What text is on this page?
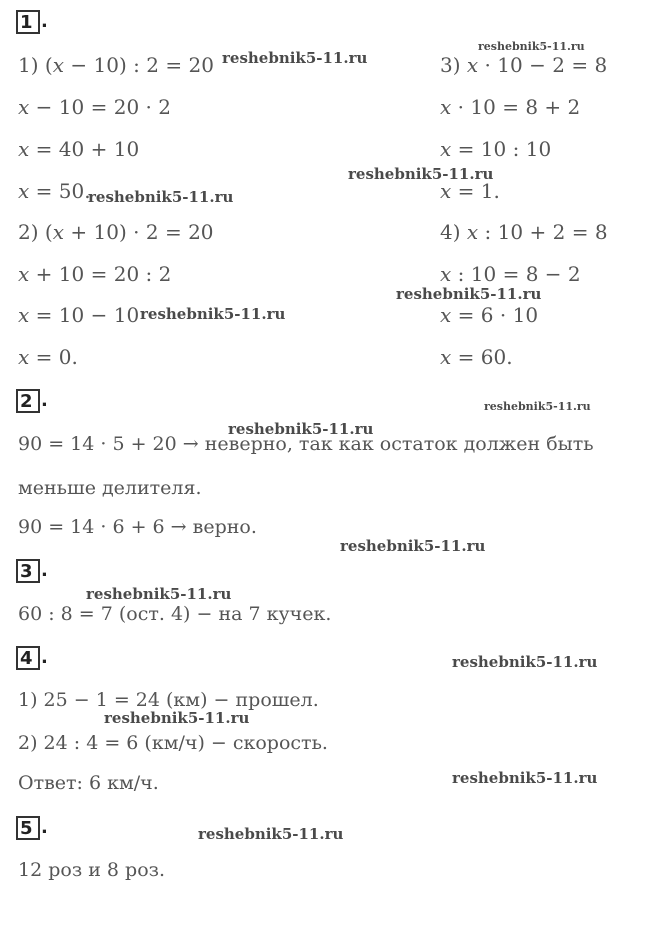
1 .
1) (x − 10) : 2 = 20
x − 10 = 20 · 2
x = 40 + 10
x = 50.
2) (x + 10) · 2 = 20
x + 10 = 20 : 2
x = 10 − 10
x = 0.
3) x · 10 − 2 = 8
x · 10 = 8 + 2
x = 10 : 10
x = 1.
4) x : 10 + 2 = 8
x : 10 = 8 − 2
x = 6 · 10
x = 60.
2 .
90 = 14 · 5 + 20 → неверно, так как остаток должен быть
меньше делителя.
90 = 14 · 6 + 6 → верно.
3 .
60 : 8 = 7 (ост. 4) − на 7 кучек.
4 .
1) 25 − 1 = 24 (км) − прошел.
2) 24 : 4 = 6 (км/ч) − скорость.
Ответ: 6 км/ч.
5 .
12 роз и 8 роз.
reshebnik5-11.ru
reshebnik5-11.ru
reshebnik5-11.ru
reshebnik5-11.ru
reshebnik5-11.ru
reshebnik5-11.ru
reshebnik5-11.ru
reshebnik5-11.ru
reshebnik5-11.ru
reshebnik5-11.ru
reshebnik5-11.ru
reshebnik5-11.ru
reshebnik5-11.ru
reshebnik5-11.ru
